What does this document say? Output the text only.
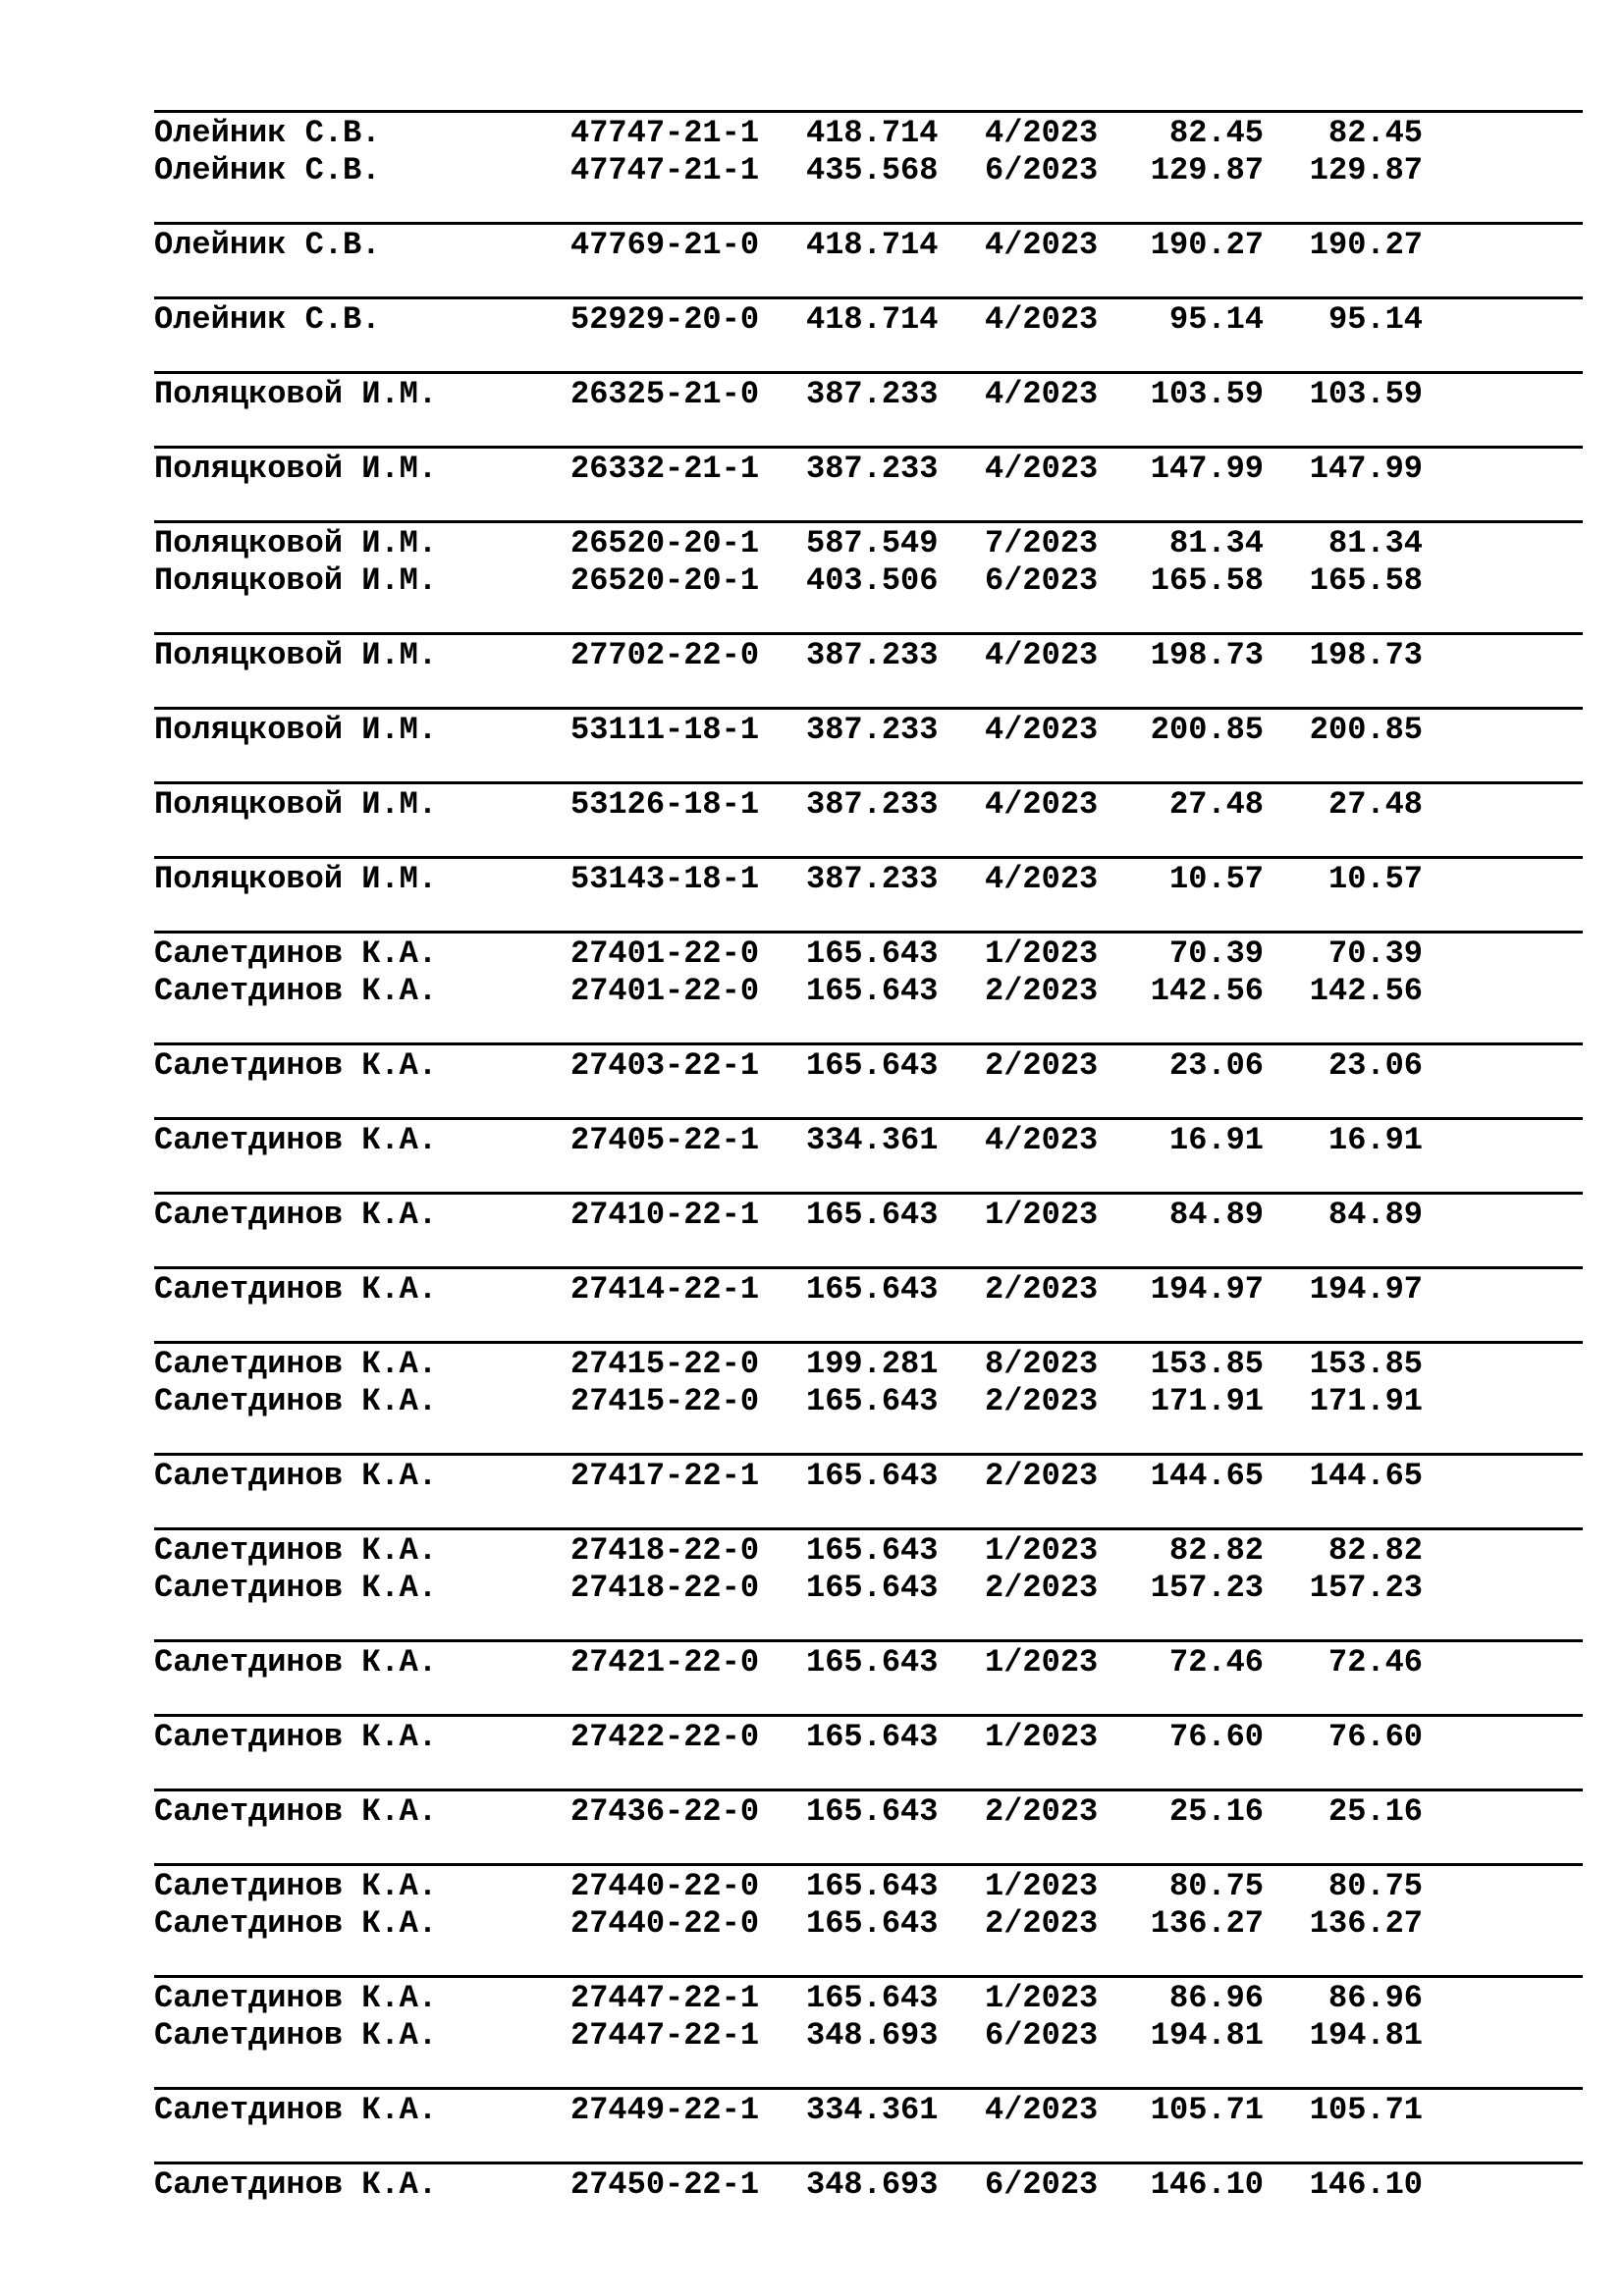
Олейник С.В.	47747-21-1 418.714 4/2023 82.45 82.45
Олейник С.В.	47747-21-1 435.568 6/2023 129.87 129.87
Олейник С.В.	47769-21-0 418.714 4/2023 190.27 190.27
Олейник С.В.	52929-20-0 418.714 4/2023 95.14 95.14
Поляцковой И.М.	26325-21-0 387.233 4/2023 103.59 103.59
Поляцковой И.М.	26332-21-1 387.233 4/2023 147.99 147.99
Поляцковой И.М.	26520-20-1 587.549 7/2023 81.34 81.34
Поляцковой И.М.	26520-20-1 403.506 6/2023 165.58 165.58
Поляцковой И.М.	27702-22-0 387.233 4/2023 198.73 198.73
Поляцковой И.М.	53111-18-1 387.233 4/2023 200.85 200.85
Поляцковой И.М.	53126-18-1 387.233 4/2023 27.48 27.48
Поляцковой И.М.	53143-18-1 387.233 4/2023 10.57 10.57
Салетдинов К.А.	27401-22-0 165.643 1/2023 70.39 70.39
Салетдинов К.А.	27401-22-0 165.643 2/2023 142.56 142.56
Салетдинов К.А.	27403-22-1 165.643 2/2023 23.06 23.06
Салетдинов К.А.	27405-22-1 334.361 4/2023 16.91 16.91
Салетдинов К.А.	27410-22-1 165.643 1/2023 84.89 84.89
Салетдинов К.А.	27414-22-1 165.643 2/2023 194.97 194.97
Салетдинов К.А.	27415-22-0 199.281 8/2023 153.85 153.85
Салетдинов К.А.	27415-22-0 165.643 2/2023 171.91 171.91
Салетдинов К.А.	27417-22-1 165.643 2/2023 144.65 144.65
Салетдинов К.А.	27418-22-0 165.643 1/2023 82.82 82.82
Салетдинов К.А.	27418-22-0 165.643 2/2023 157.23 157.23
Салетдинов К.А.	27421-22-0 165.643 1/2023 72.46 72.46
Салетдинов К.А.	27422-22-0 165.643 1/2023 76.60 76.60
Салетдинов К.А.	27436-22-0 165.643 2/2023 25.16 25.16
Салетдинов К.А.	27440-22-0 165.643 1/2023 80.75 80.75
Салетдинов К.А.	27440-22-0 165.643 2/2023 136.27 136.27
Салетдинов К.А.	27447-22-1 165.643 1/2023 86.96 86.96
Салетдинов К.А.	27447-22-1 348.693 6/2023 194.81 194.81
Салетдинов К.А.	27449-22-1 334.361 4/2023 105.71 105.71
Салетдинов К.А.	27450-22-1 348.693 6/2023 146.10 146.10
